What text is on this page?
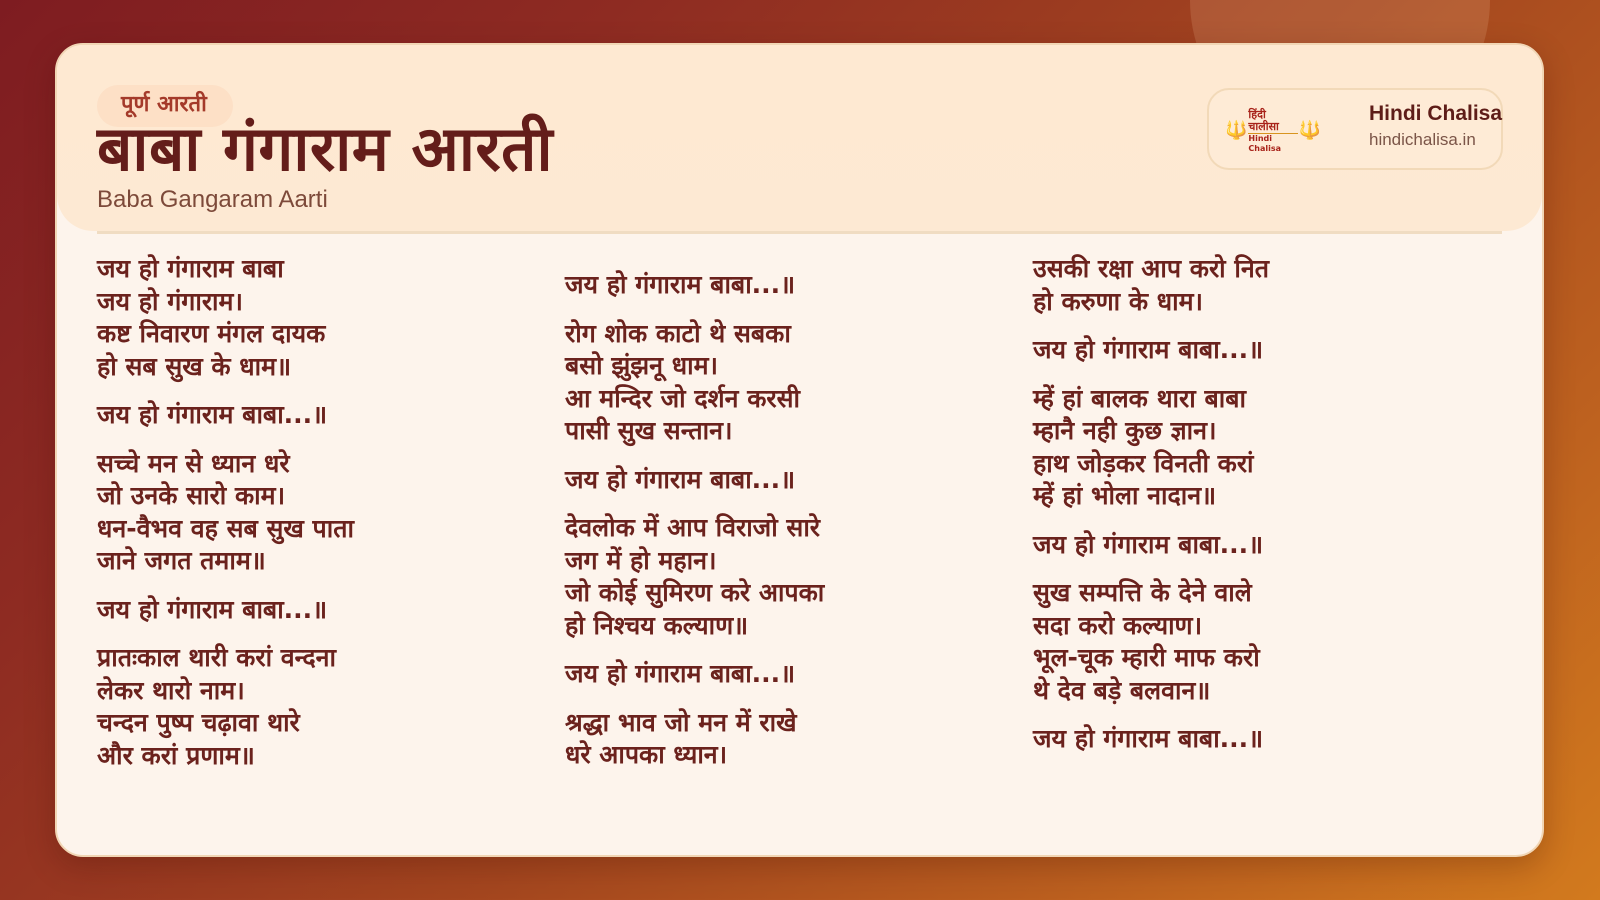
पूर्ण आरती
बाबा गंगाराम आरती
Baba Gangaram Aarti
🔱
हिंदी चालीसा
Hindi Chalisa
🔱
Hindi Chalisa
hindichalisa.in
जय हो गंगाराम बाबा
जय हो गंगाराम।
कष्ट निवारण मंगल दायक
हो सब सुख के धाम॥
जय हो गंगाराम बाबा...॥
सच्चे मन से ध्यान धरे
जो उनके सारो काम।
धन-वैभव वह सब सुख पाता
जाने जगत तमाम॥
जय हो गंगाराम बाबा...॥
प्रातःकाल थारी करां वन्दना
लेकर थारो नाम।
चन्दन पुष्प चढ़ावा थारे
और करां प्रणाम॥
जय हो गंगाराम बाबा...॥
रोग शोक काटो थे सबका
बसो झुंझनू धाम।
आ मन्दिर जो दर्शन करसी
पासी सुख सन्तान।
जय हो गंगाराम बाबा...॥
देवलोक में आप विराजो सारे
जग में हो महान।
जो कोई सुमिरण करे आपका
हो निश्चय कल्याण॥
जय हो गंगाराम बाबा...॥
श्रद्धा भाव जो मन में राखे
धरे आपका ध्यान।
उसकी रक्षा आप करो नित
हो करुणा के धाम।
जय हो गंगाराम बाबा...॥
म्हें हां बालक थारा बाबा
म्हानै नही कुछ ज्ञान।
हाथ जोड़कर विनती करां
म्हें हां भोला नादान॥
जय हो गंगाराम बाबा...॥
सुख सम्पत्ति के देने वाले
सदा करो कल्याण।
भूल-चूक म्हारी माफ करो
थे देव बड़े बलवान॥
जय हो गंगाराम बाबा...॥
